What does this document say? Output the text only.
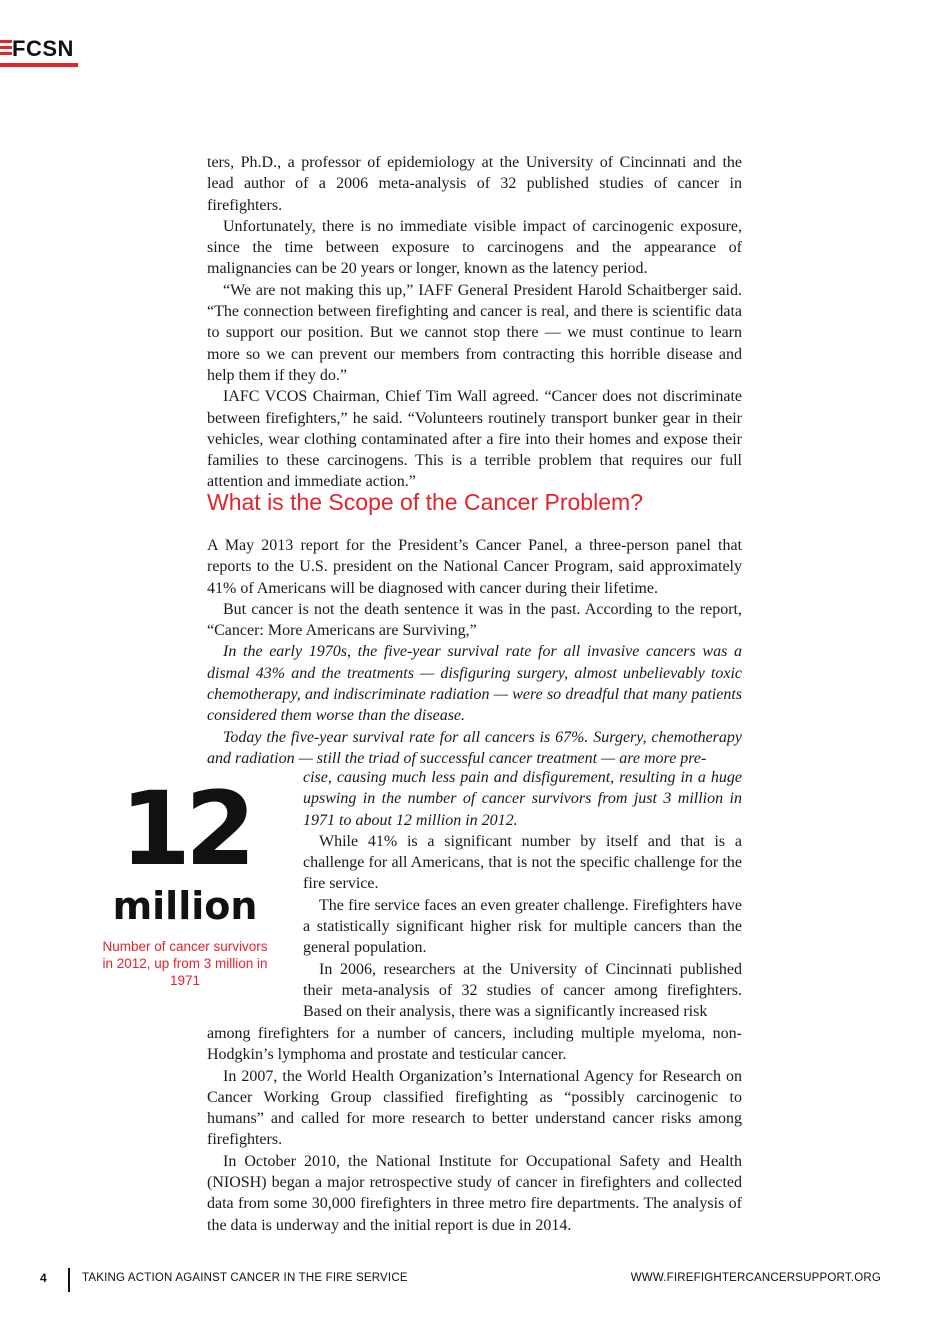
FCSN

ters, Ph.D., a professor of epidemiology at the University of Cincinnati and the lead author of a 2006 meta-analysis of 32 published studies of cancer in firefighters.

Unfortunately, there is no immediate visible impact of carcinogenic exposure, since the time between exposure to carcinogens and the appearance of malignancies can be 20 years or longer, known as the latency period.

“We are not making this up,” IAFF General President Harold Schaitberger said. “The connection between firefighting and cancer is real, and there is scientific data to support our position. But we cannot stop there — we must continue to learn more so we can prevent our members from contracting this horrible disease and help them if they do.”

IAFC VCOS Chairman, Chief Tim Wall agreed. “Cancer does not discriminate between firefighters,” he said. “Volunteers routinely transport bunker gear in their vehicles, wear clothing contaminated after a fire into their homes and expose their families to these carcinogens. This is a terrible problem that requires our full attention and immediate action.”

What is the Scope of the Cancer Problem?

A May 2013 report for the President’s Cancer Panel, a three-person panel that reports to the U.S. president on the National Cancer Program, said approximately 41% of Americans will be diagnosed with cancer during their lifetime.

But cancer is not the death sentence it was in the past. According to the report, “Cancer: More Americans are Surviving,”

In the early 1970s, the five-year survival rate for all invasive cancers was a dismal 43% and the treatments — disfiguring surgery, almost unbelievably toxic chemotherapy, and indiscriminate radiation — were so dreadful that many patients considered them worse than the disease.

Today the five-year survival rate for all cancers is 67%. Surgery, chemotherapy and radiation — still the triad of successful cancer treatment — are more pre-

12
million
Number of cancer survivors in 2012, up from 3 million in 1971

cise, causing much less pain and disfigurement, resulting in a huge upswing in the number of cancer survivors from just 3 million in 1971 to about 12 million in 2012.

While 41% is a significant number by itself and that is a challenge for all Americans, that is not the specific challenge for the fire service.

The fire service faces an even greater challenge. Firefighters have a statistically significant higher risk for multiple cancers than the general population.

In 2006, researchers at the University of Cincinnati published their meta-analysis of 32 studies of cancer among firefighters. Based on their analysis, there was a significantly increased risk

among firefighters for a number of cancers, including multiple myeloma, non-Hodgkin’s lymphoma and prostate and testicular cancer.

In 2007, the World Health Organization’s International Agency for Research on Cancer Working Group classified firefighting as “possibly carcinogenic to humans” and called for more research to better understand cancer risks among firefighters.

In October 2010, the National Institute for Occupational Safety and Health (NIOSH) began a major retrospective study of cancer in firefighters and collected data from some 30,000 firefighters in three metro fire departments. The analysis of the data is underway and the initial report is due in 2014.

4	TAKING ACTION AGAINST CANCER IN THE FIRE SERVICE	WWW.FIREFIGHTERCANCERSUPPORT.ORG
